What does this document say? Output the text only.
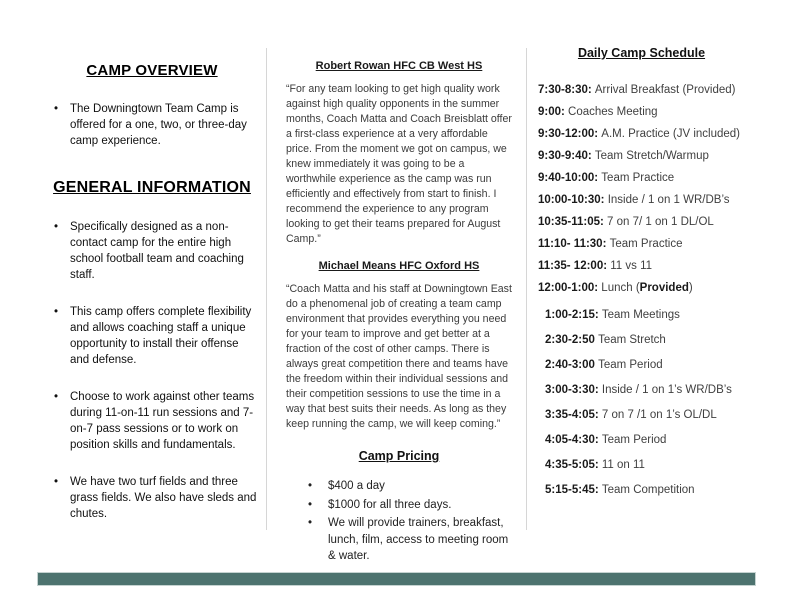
CAMP OVERVIEW
•	The Downingtown Team Camp is offered for a one, two, or three-day camp experience.
GENERAL INFORMATION
•	Specifically designed as a non-contact camp for the entire high school football team and coaching staff.
•	This camp offers complete flexibility and allows coaching staff a unique opportunity to install their offense and defense.
•	Choose to work against other teams during 11-on-11 run sessions and 7-on-7 pass sessions or to work on position skills and fundamentals.
•	We have two turf fields and three grass fields. We also have sleds and chutes.
Robert Rowan HFC CB West HS

“For any team looking to get high quality work against high quality opponents in the summer months, Coach Matta and Coach Breisblatt offer a first-class experience at a very affordable price. From the moment we got on campus, we knew immediately it was going to be a worthwhile experience as the camp was run efficiently and effectively from start to finish. I recommend the experience to any program looking to get their teams prepared for August Camp.”

Michael Means HFC Oxford HS

“Coach Matta and his staff at Downingtown East do a phenomenal job of creating a team camp environment that provides everything you need for your team to improve and get better at a fraction of the cost of other camps. There is always great competition there and teams have the freedom within their individual sessions and their competition sessions to use the time in a way that best suits their needs. As long as they keep running the camp, we will keep coming.”

Camp Pricing
•	$400 a day
•	$1000 for all three days.
•	We will provide trainers, breakfast, lunch, film, access to meeting room & water.
Daily Camp Schedule
7:30-8:30: Arrival Breakfast (Provided)
9:00: Coaches Meeting
9:30-12:00: A.M. Practice (JV included)
9:30-9:40: Team Stretch/Warmup
9:40-10:00: Team Practice
10:00-10:30: Inside / 1 on 1 WR/DB’s
10:35-11:05: 7 on 7/ 1 on 1 DL/OL
11:10- 11:30: Team Practice
11:35- 12:00: 11 vs 11
12:00-1:00: Lunch (Provided)
1:00-2:15: Team Meetings
2:30-2:50 Team Stretch
2:40-3:00 Team Period
3:00-3:30: Inside / 1 on 1’s WR/DB’s
3:35-4:05: 7 on 7 /1 on 1’s OL/DL
4:05-4:30: Team Period
4:35-5:05: 11 on 11
5:15-5:45: Team Competition
